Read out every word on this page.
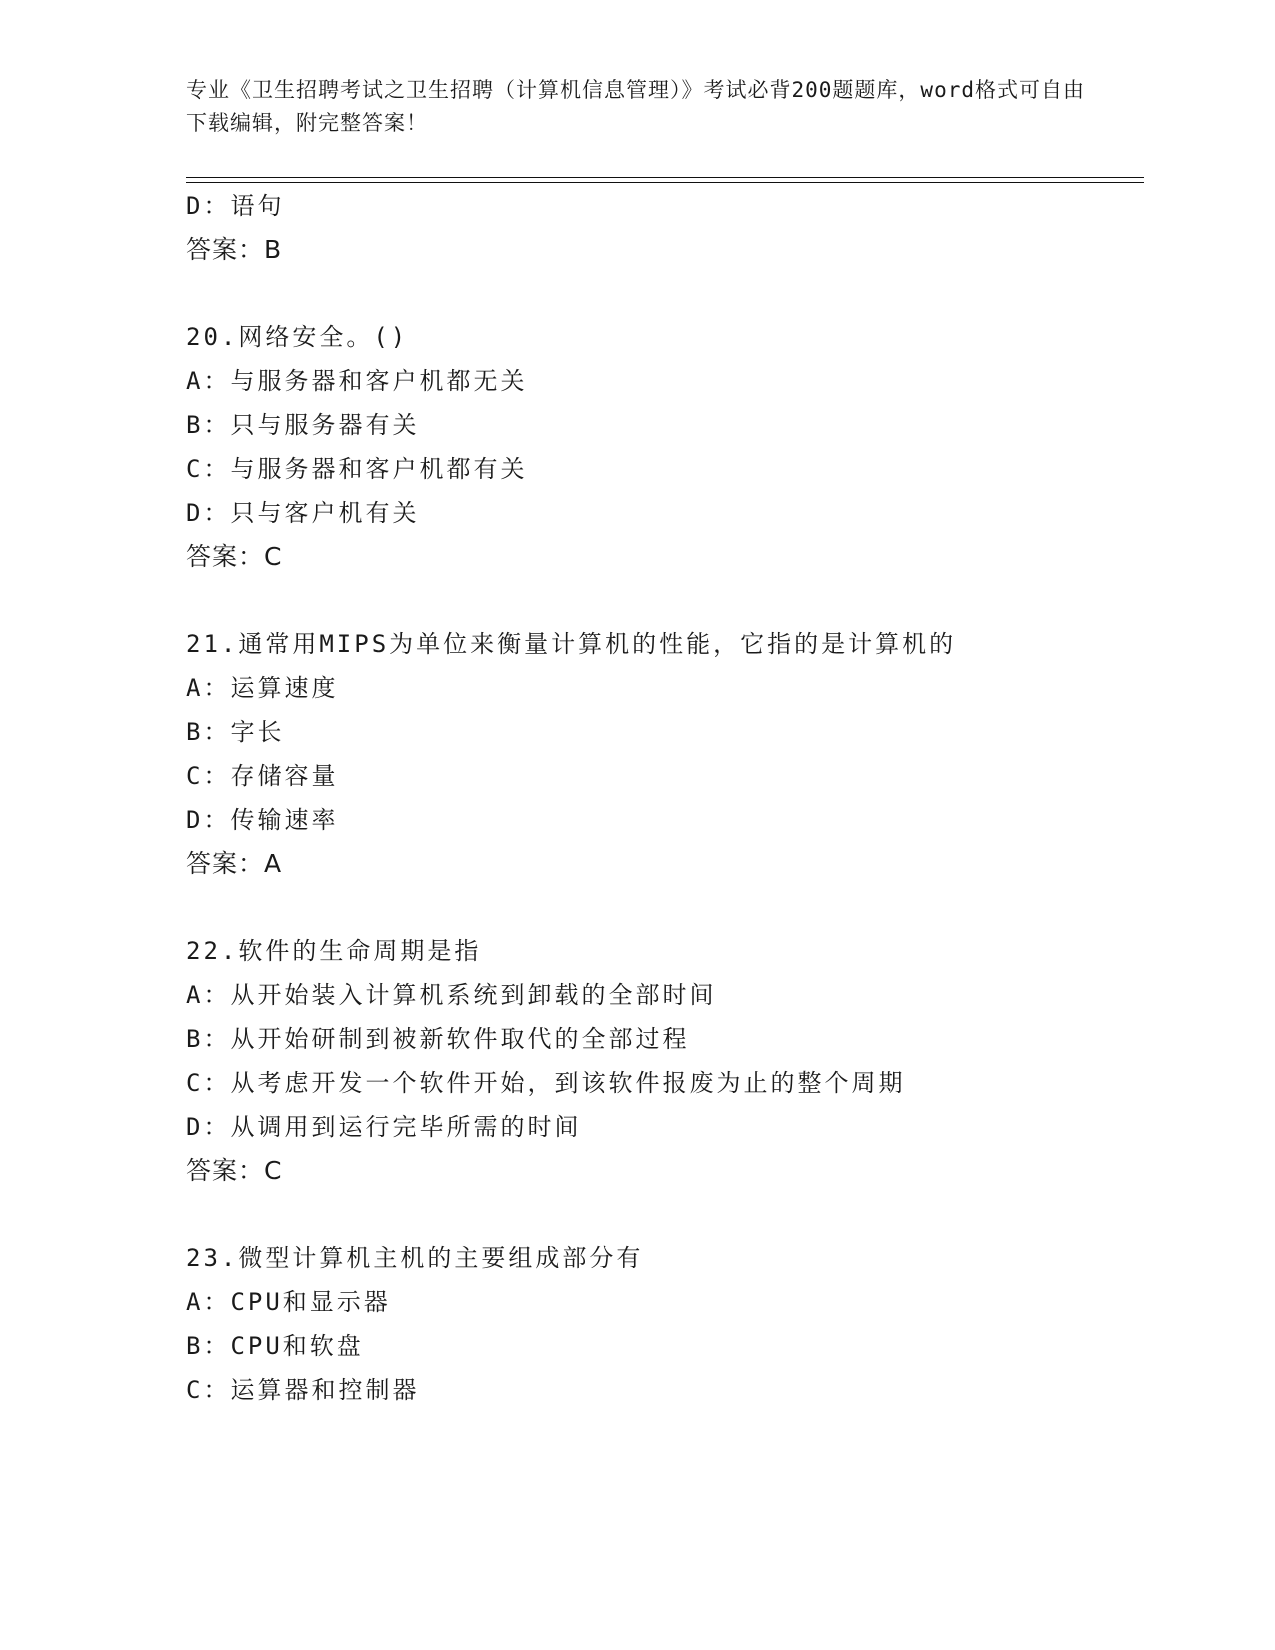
专业《卫生招聘考试之卫生招聘（计算机信息管理）》考试必背200题题库，word格式可自由下载编辑，附完整答案！
D：语句
答案：B
20.网络安全。()
A：与服务器和客户机都无关
B：只与服务器有关
C：与服务器和客户机都有关
D：只与客户机有关
答案：C
21.通常用MIPS为单位来衡量计算机的性能，它指的是计算机的
A：运算速度
B：字长
C：存储容量
D：传输速率
答案：A
22.软件的生命周期是指
A：从开始装入计算机系统到卸载的全部时间
B：从开始研制到被新软件取代的全部过程
C：从考虑开发一个软件开始，到该软件报废为止的整个周期
D：从调用到运行完毕所需的时间
答案：C
23.微型计算机主机的主要组成部分有
A：CPU和显示器
B：CPU和软盘
C：运算器和控制器
